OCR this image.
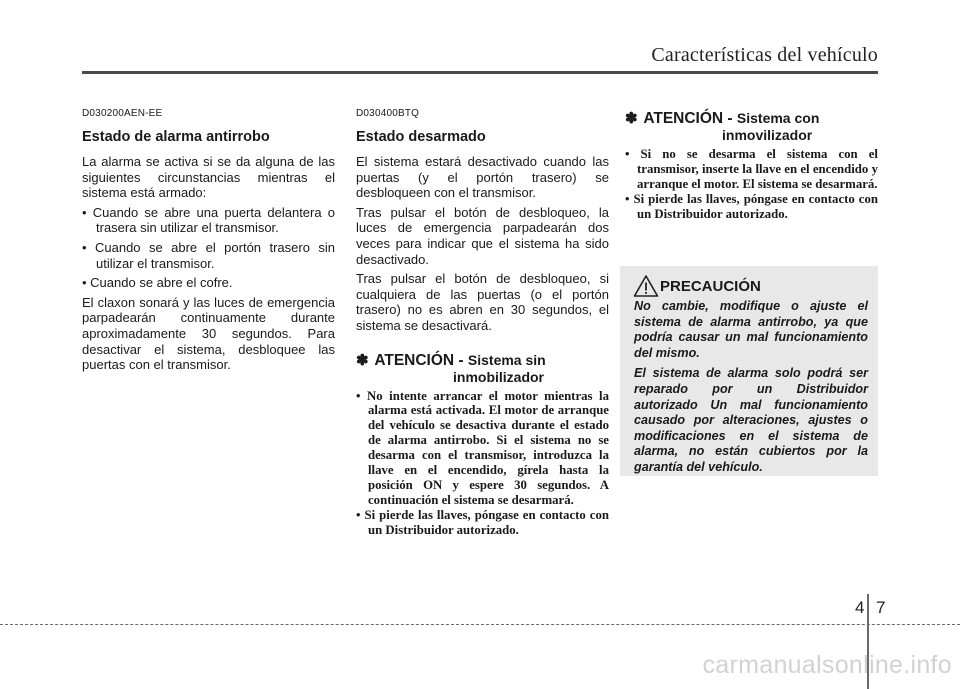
Características del vehículo
D030200AEN-EE
Estado de alarma antirrobo

La alarma se activa si se da alguna de las siguientes circunstancias mientras el sistema está armado:

• Cuando se abre una puerta delantera o trasera sin utilizar el transmisor.
• Cuando se abre el portón trasero sin utilizar el transmisor.
• Cuando se abre el cofre.

El claxon sonará y las luces de emergencia parpadearán continuamente durante aproximadamente 30 segundos. Para desactivar el sistema, desbloquee las puertas con el transmisor.

D030400BTQ
Estado desarmado

El sistema estará desactivado cuando las puertas (y el portón trasero) se desbloqueen con el transmisor.

Tras pulsar el botón de desbloqueo, la luces de emergencia parpadearán dos veces para indicar que el sistema ha sido desactivado.

Tras pulsar el botón de desbloqueo, si cualquiera de las puertas (o el portón trasero) no es abren en 30 segundos, el sistema se desactivará.

✽ ATENCIÓN - Sistema sin
inmobilizador
• No intente arrancar el motor mientras la alarma está activada. El motor de arranque del vehículo se desactiva durante el estado de alarma antirrobo. Si el sistema no se desarma con el transmisor, introduzca la llave en el encendido, gírela hasta la posición ON y espere 30 segundos. A continuación el sistema se desarmará.
• Si pierde las llaves, póngase en contacto con un Distribuidor autorizado.
✽ ATENCIÓN - Sistema con
inmovilizador
• Si no se desarma el sistema con el transmisor, inserte la llave en el encendido y arranque el motor. El sistema se desarmará.
• Si pierde las llaves, póngase en contacto con un Distribuidor autorizado.
PRECAUCIÓN

No cambie, modifique o ajuste el sistema de alarma antirrobo, ya que podría causar un mal funcionamiento del mismo.

El sistema de alarma solo podrá ser reparado por un Distribuidor autorizado Un mal funcionamiento causado por alteraciones, ajustes o modificaciones en el sistema de alarma, no están cubiertos por la garantía del vehículo.

4 7
carmanualsonline.info
